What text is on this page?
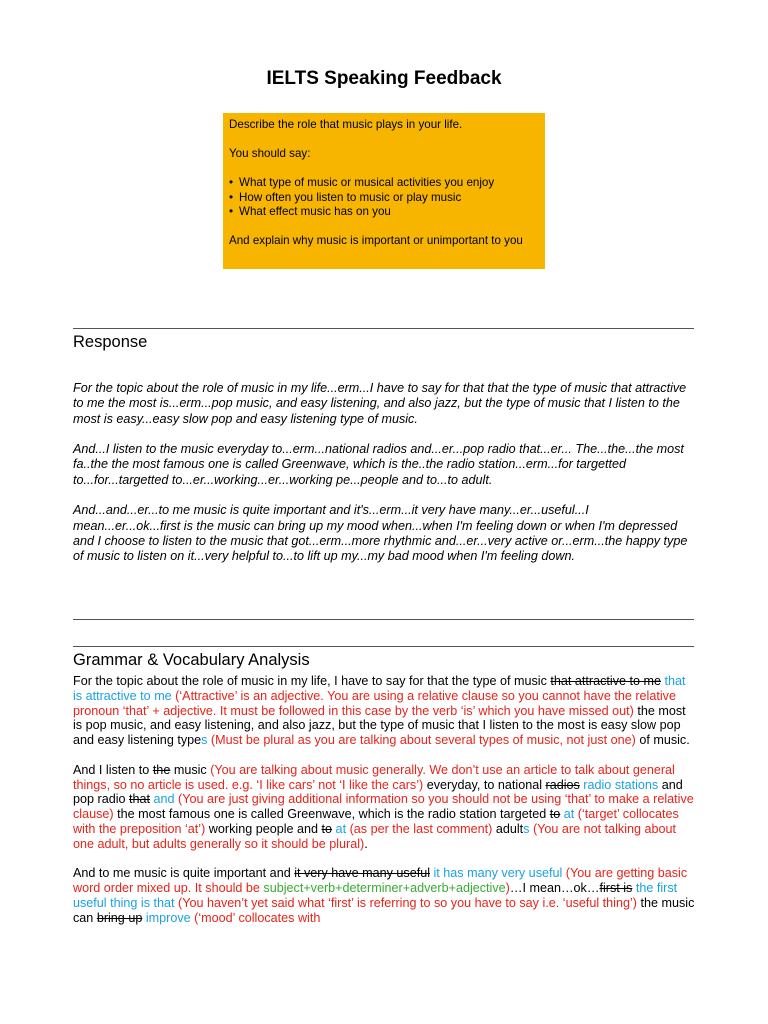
IELTS Speaking Feedback

Describe the role that music plays in your life.

You should say:

• What type of music or musical activities you enjoy
• How often you listen to music or play music
• What effect music has on you

And explain why music is important or unimportant to you

Response

For the topic about the role of music in my life...erm...I have to say for that that the type of music that attractive to me the most is...erm...pop music, and easy listening, and also jazz, but the type of music that I listen to the most is easy...easy slow pop and easy listening type of music.

And...I listen to the music everyday to...erm...national radios and...er...pop radio that...er... The...the...the most fa..the the most famous one is called Greenwave, which is the..the radio station...erm...for targetted to...for...targetted to...er...working...er...working pe...people and to...to adult.

And...and...er...to me music is quite important and it's...erm...it very have many...er...useful...I mean...er...ok...first is the music can bring up my mood when...when I'm feeling down or when I'm depressed and I choose to listen to the music that got...erm...more rhythmic and...er...very active or...erm...the happy type of music to listen on it...very helpful to...to lift up my...my bad mood when I'm feeling down.

Grammar & Vocabulary Analysis

For the topic about the role of music in my life, I have to say for that the type of music that attractive to me that is attractive to me (‘Attractive’ is an adjective. You are using a relative clause so you cannot have the relative pronoun ‘that’ + adjective. It must be followed in this case by the verb ‘is’ which you have missed out) the most is pop music, and easy listening, and also jazz, but the type of music that I listen to the most is easy slow pop and easy listening types (Must be plural as you are talking about several types of music, not just one) of music.

And I listen to the music (You are talking about music generally. We don’t use an article to talk about general things, so no article is used. e.g. ‘I like cars’ not ‘I like the cars’) everyday, to national radios radio stations and pop radio that and (You are just giving additional information so you should not be using ‘that’ to make a relative clause) the most famous one is called Greenwave, which is the radio station targeted to at (‘target’ collocates with the preposition ‘at’) working people and to at (as per the last comment) adults (You are not talking about one adult, but adults generally so it should be plural).

And to me music is quite important and it very have many useful it has many very useful (You are getting basic word order mixed up. It should be subject+verb+determiner+adverb+adjective)…I mean…ok…first is the first useful thing is that (You haven’t yet said what ‘first’ is referring to so you have to say i.e. ‘useful thing’) the music can bring up improve (‘mood’ collocates with
